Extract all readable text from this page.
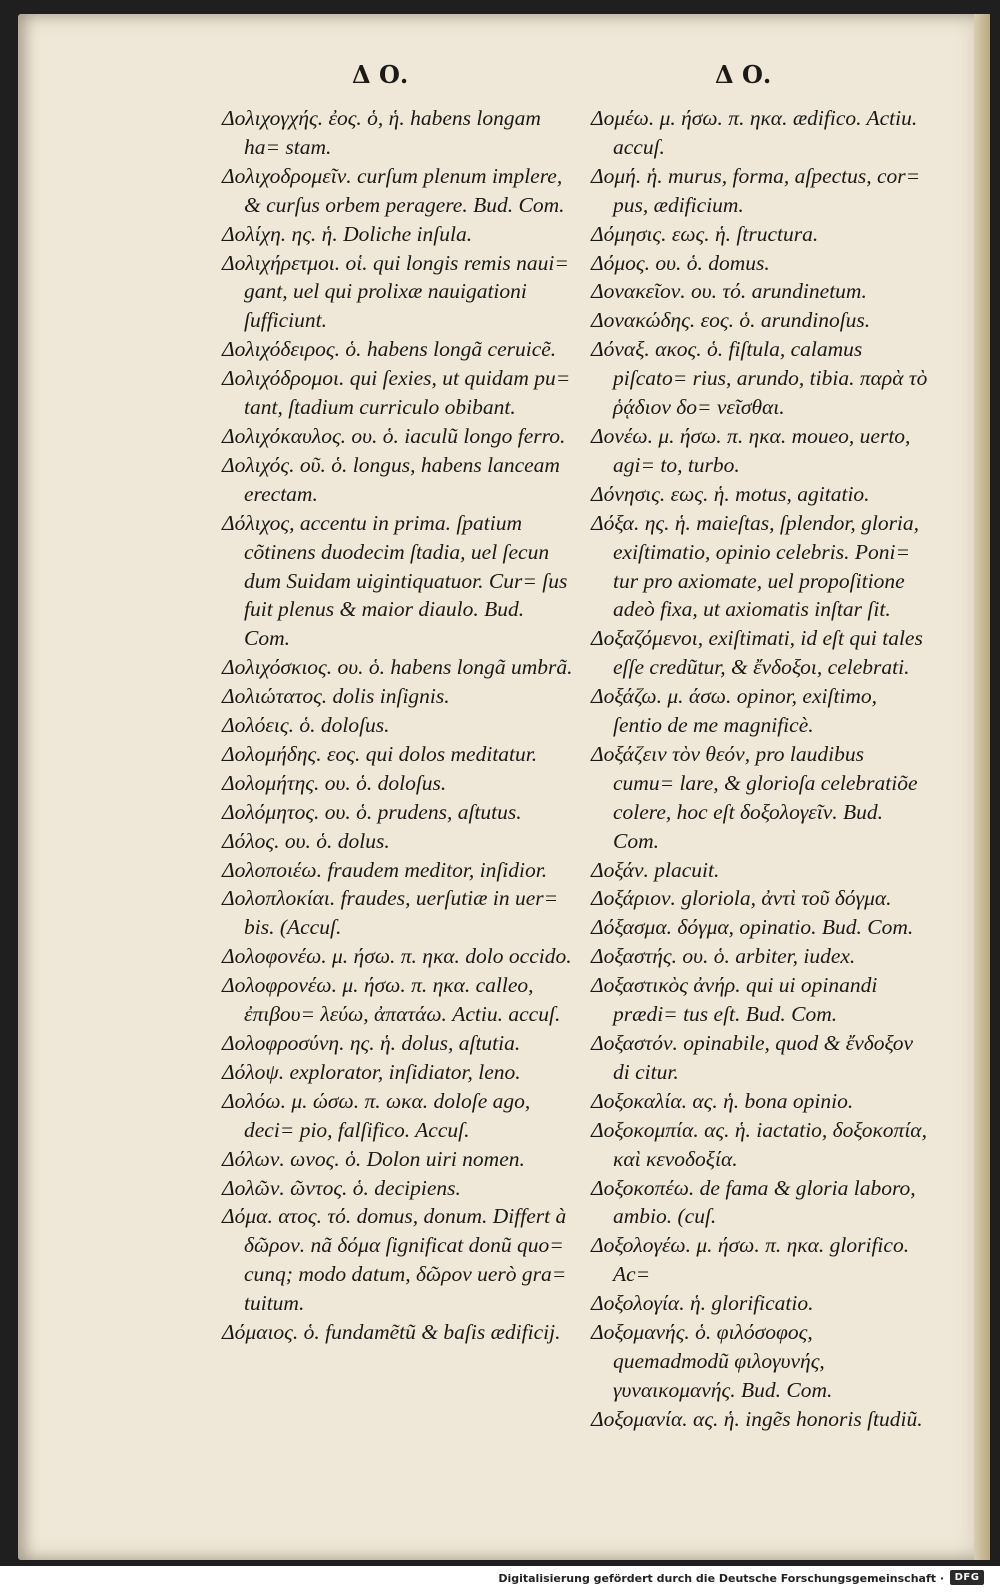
Δ Ο.	Δ Ο.
Δολιχογχής. ἐος. ὁ, ἡ. habens longam ha= stam.
Δολιχοδρομεῖν. curſum plenum implere, & curſus orbem peragere. Bud. Com.
Δολίχη. ης. ἡ. Doliche inſula.
Δολιχήρετμοι. οἱ. qui longis remis naui= gant, uel qui prolixæ nauigationi ſufficiunt.
Δολιχόδειρος. ὁ. habens longã ceruicẽ.
Δολιχόδρομοι. qui ſexies, ut quidam pu= tant, ſtadium curriculo obibant.
Δολιχόκαυλος. ου. ὁ. iaculũ longo ferro.
Δολιχός. οῦ. ὁ. longus, habens lanceam erectam.
Δόλιχος, accentu in prima. ſpatium cõtinens duodecim ſtadia, uel ſecun dum Suidam uigintiquatuor. Cur= ſus fuit plenus & maior diaulo. Bud. Com.
Δολιχόσκιος. ου. ὁ. habens longã umbrã.
Δολιώτατος. dolis inſignis.
Δολόεις. ὁ. doloſus.
Δολομήδης. εος. qui dolos meditatur.
Δολομήτης. ου. ὁ. doloſus.
Δολόμητος. ου. ὁ. prudens, aſtutus.
Δόλος. ου. ὁ. dolus.
Δολοποιέω. fraudem meditor, inſidior.
Δολοπλοκίαι. fraudes, uerſutiæ in uer= bis. (Accuſ.
Δολοφονέω. μ. ήσω. π. ηκα. dolo occido.
Δολοφρονέω. μ. ήσω. π. ηκα. calleo, ἐπιβου= λεύω, ἀπατάω. Actiu. accuſ.
Δολοφροσύνη. ης. ἡ. dolus, aſtutia.
Δόλοψ. explorator, inſidiator, leno.
Δολόω. μ. ώσω. π. ωκα. doloſe ago, deci= pio, falſifico. Accuſ.
Δόλων. ωνος. ὁ. Dolon uiri nomen.
Δολῶν. ῶντος. ὁ. decipiens.
Δόμα. ατος. τό. domus, donum. Differt à δῶρον. nã δόμα ſignificat donũ quo= cunq; modo datum, δῶρον uerò gra= tuitum.
Δόμαιος. ὁ. fundamẽtũ & baſis ædificij.
Δομέω. μ. ήσω. π. ηκα. ædifico. Actiu. accuſ.
Δομή. ἡ. murus, forma, aſpectus, cor= pus, ædificium.
Δόμησις. εως. ἡ. ſtructura.
Δόμος. ου. ὁ. domus.
Δονακεῖον. ου. τό. arundinetum.
Δονακώδης. εος. ὁ. arundinoſus.
Δόναξ. ακος. ὁ. fiſtula, calamus piſcato= rius, arundo, tibia. παρὰ τὸ ῥᾴδιον δο= νεῖσθαι.
Δονέω. μ. ήσω. π. ηκα. moueo, uerto, agi= to, turbo.
Δόνησις. εως. ἡ. motus, agitatio.
Δόξα. ης. ἡ. maieſtas, ſplendor, gloria, exiſtimatio, opinio celebris. Poni= tur pro axiomate, uel propoſitione adeò fixa, ut axiomatis inſtar ſit.
Δοξαζόμενοι, exiſtimati, id eſt qui tales eſſe credũtur, & ἔνδοξοι, celebrati.
Δοξάζω. μ. άσω. opinor, exiſtimo, ſentio de me magnificè.
Δοξάζειν τὸν θεόν, pro laudibus cumu= lare, & glorioſa celebratiõe colere, hoc eſt δοξολογεῖν. Bud. Com.
Δοξάν. placuit.
Δοξάριον. gloriola, ἀντὶ τοῦ δόγμα.
Δόξασμα. δόγμα, opinatio. Bud. Com.
Δοξαστής. ου. ὁ. arbiter, iudex.
Δοξαστικὸς ἀνήρ. qui ui opinandi prædi= tus eſt. Bud. Com.
Δοξαστόν. opinabile, quod & ἔνδοξον di citur.
Δοξοκαλία. ας. ἡ. bona opinio.
Δοξοκομπία. ας. ἡ. iactatio, δοξοκοπία, καὶ κενοδοξία.
Δοξοκοπέω. de fama & gloria laboro, ambio. (cuſ.
Δοξολογέω. μ. ήσω. π. ηκα. glorifico. Ac=
Δοξολογία. ἡ. glorificatio.
Δοξομανής. ὁ. φιλόσοφος, quemadmodũ φιλογυνής, γυναικομανής. Bud. Com.
Δοξομανία. ας. ἡ. ingẽs honoris ſtudiũ.
Digitalisierung gefördert durch die Deutsche Forschungsgemeinschaft ·	DFG
